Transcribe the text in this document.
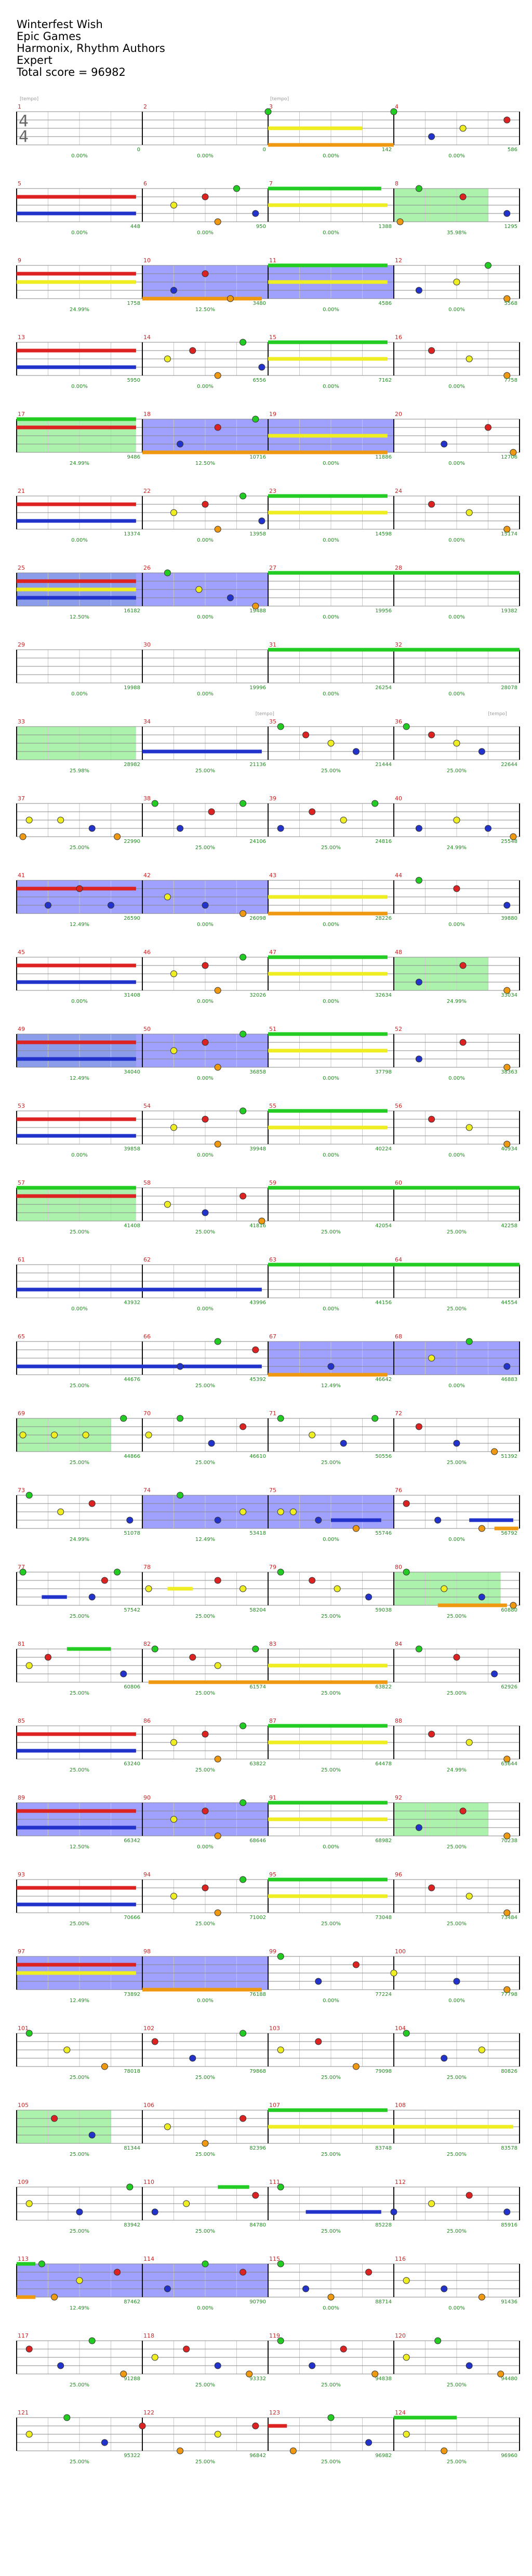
Winterfest Wish
Epic Games
Harmonix, Rhythm Authors
Expert
Total score = 96982
1
0
0.00%
2
0
0.00%
3
142
0.00%
4
586
0.00%
4
4
5
448
0.00%
6
950
0.00%
7
1388
0.00%
8
1295
35.98%
9
1758
24.99%
10
3480
12.50%
11
4586
0.00%
12
5568
0.00%
13
5950
0.00%
14
6556
0.00%
15
7162
0.00%
16
7758
0.00%
17
9486
24.99%
18
10716
12.50%
19
11886
0.00%
20
12706
0.00%
21
13374
0.00%
22
13958
0.00%
23
14598
0.00%
24
15174
0.00%
25
16182
12.50%
26
19488
0.00%
27
19956
0.00%
28
19382
0.00%
29
19988
0.00%
30
19996
0.00%
31
26254
0.00%
32
28078
0.00%
33
28982
25.98%
34
21136
25.00%
35
21444
25.00%
36
22644
25.00%
37
22990
25.00%
38
24106
25.00%
39
24816
25.00%
40
25548
24.99%
41
26590
12.49%
42
26098
0.00%
43
28226
0.00%
44
39880
0.00%
45
31408
0.00%
46
32026
0.00%
47
32634
0.00%
48
33034
24.99%
49
34040
12.49%
50
36858
0.00%
51
37798
0.00%
52
38363
0.00%
53
39858
0.00%
54
39948
0.00%
55
40224
0.00%
56
40934
0.00%
57
41408
25.00%
58
41816
25.00%
59
42054
25.00%
60
42258
25.00%
61
43932
0.00%
62
43996
0.00%
63
44156
0.00%
64
44554
25.00%
65
44676
25.00%
66
45392
25.00%
67
46642
12.49%
68
46883
0.00%
69
44866
25.00%
70
46610
25.00%
71
50556
25.00%
72
51392
25.00%
73
51078
24.99%
74
53418
12.49%
75
55746
0.00%
76
56792
0.00%
77
57542
25.00%
78
58204
25.00%
79
59038
25.00%
80
60880
25.00%
81
60806
25.00%
82
61574
25.00%
83
63822
25.00%
84
62926
25.00%
85
63240
25.00%
86
63822
25.00%
87
64478
25.00%
88
65644
24.99%
89
66342
12.50%
90
68646
0.00%
91
68982
0.00%
92
70238
25.00%
93
70666
25.00%
94
71002
25.00%
95
73048
25.00%
96
73484
25.00%
97
73892
12.49%
98
76188
0.00%
99
77224
0.00%
100
77798
0.00%
101
78018
25.00%
102
79868
25.00%
103
79098
25.00%
104
80826
25.00%
105
81344
25.00%
106
82396
25.00%
107
83748
25.00%
108
83578
25.00%
109
83942
25.00%
110
84780
25.00%
111
85228
25.00%
112
85916
25.00%
113
87462
12.49%
114
90790
0.00%
115
88714
0.00%
116
91436
0.00%
117
91288
25.00%
118
93332
25.00%
119
94838
25.00%
120
94480
25.00%
121
95322
25.00%
122
96842
25.00%
123
96982
25.00%
124
96960
25.00%
[tempo]	[tempo]
[tempo]	[tempo]
